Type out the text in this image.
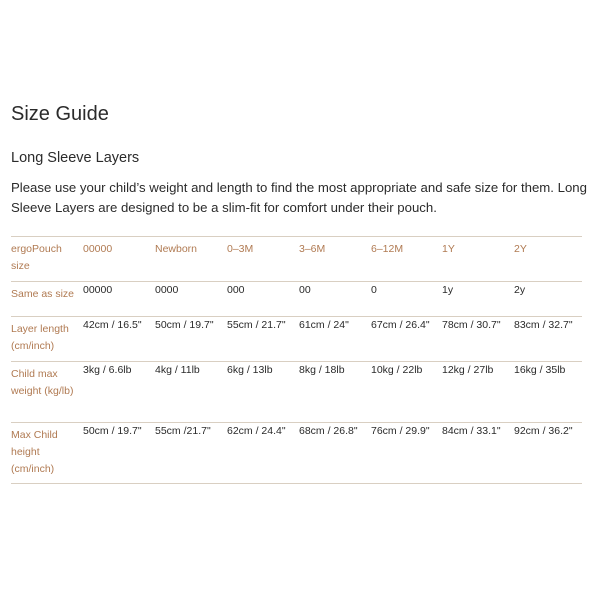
Size Guide
Long Sleeve Layers

Please use your child’s weight and length to find the most appropriate and safe size for them. Long Sleeve Layers are designed to be a slim-fit for comfort under their pouch.

ergoPouch size	00000	Newborn	0–3M	3–6M	6–12M	1Y	2Y
Same as size	00000	0000	000	00	0	1y	2y
Layer length (cm/inch)	42cm / 16.5"	50cm / 19.7"	55cm / 21.7"	61cm / 24"	67cm / 26.4"	78cm / 30.7"	83cm / 32.7"
Child max weight (kg/lb)	3kg / 6.6lb	4kg / 11lb	6kg / 13lb	8kg / 18lb	10kg / 22lb	12kg / 27lb	16kg / 35lb
Max Child height (cm/inch)	50cm / 19.7"	55cm /21.7"	62cm / 24.4"	68cm / 26.8"	76cm / 29.9"	84cm / 33.1"	92cm / 36.2"
